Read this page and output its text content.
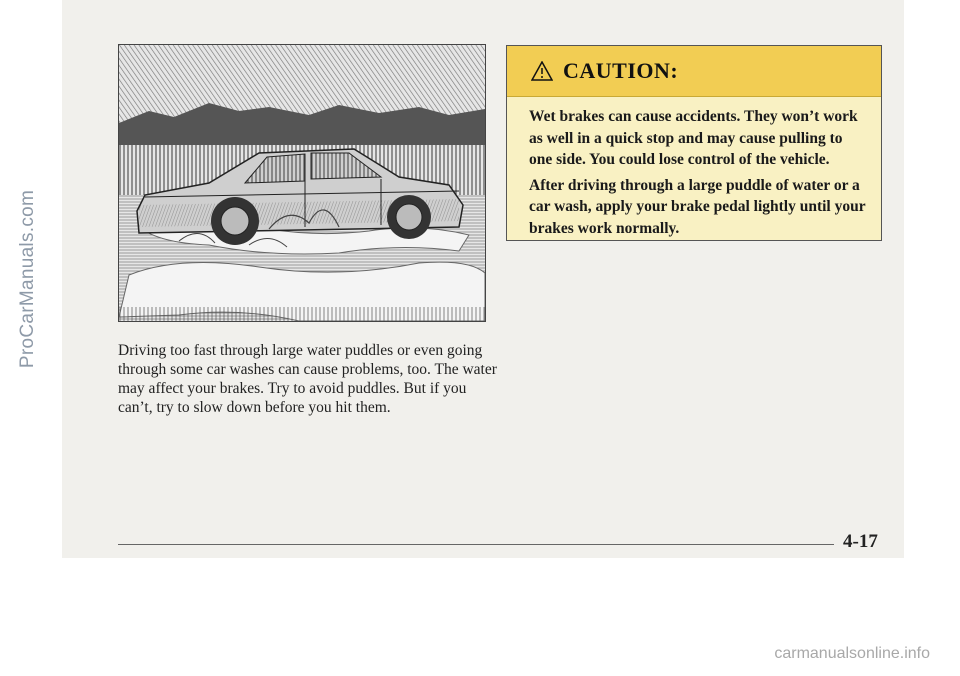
ProCarManuals.com	Driving too fast through large water puddles or even going through some car washes can cause problems, too. The water may affect your brakes. Try to avoid puddles. But if you can’t, try to slow down before you hit them.

CAUTION:

Wet brakes can cause accidents. They won’t work as well in a quick stop and may cause pulling to one side. You could lose control of the vehicle.

After driving through a large puddle of water or a car wash, apply your brake pedal lightly until your brakes work normally.

4-17
carmanualsonline.info
